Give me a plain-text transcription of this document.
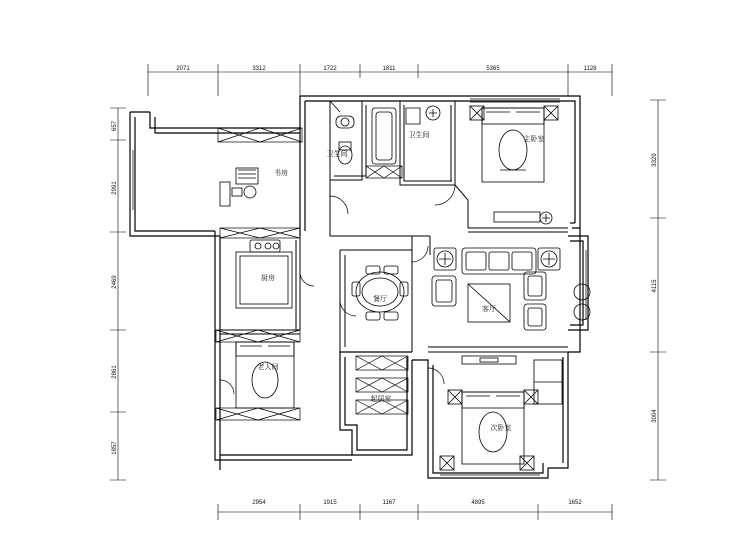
2071	3312	1722	1811	5365	1128
2954	1915	1167	4895	1652
657
2991
2469
2861
1857
3329
4115
3004
主卧室
卫生间
卫生间
书房
厨房
老人间
餐厅
客厅
次卧室
起居室
